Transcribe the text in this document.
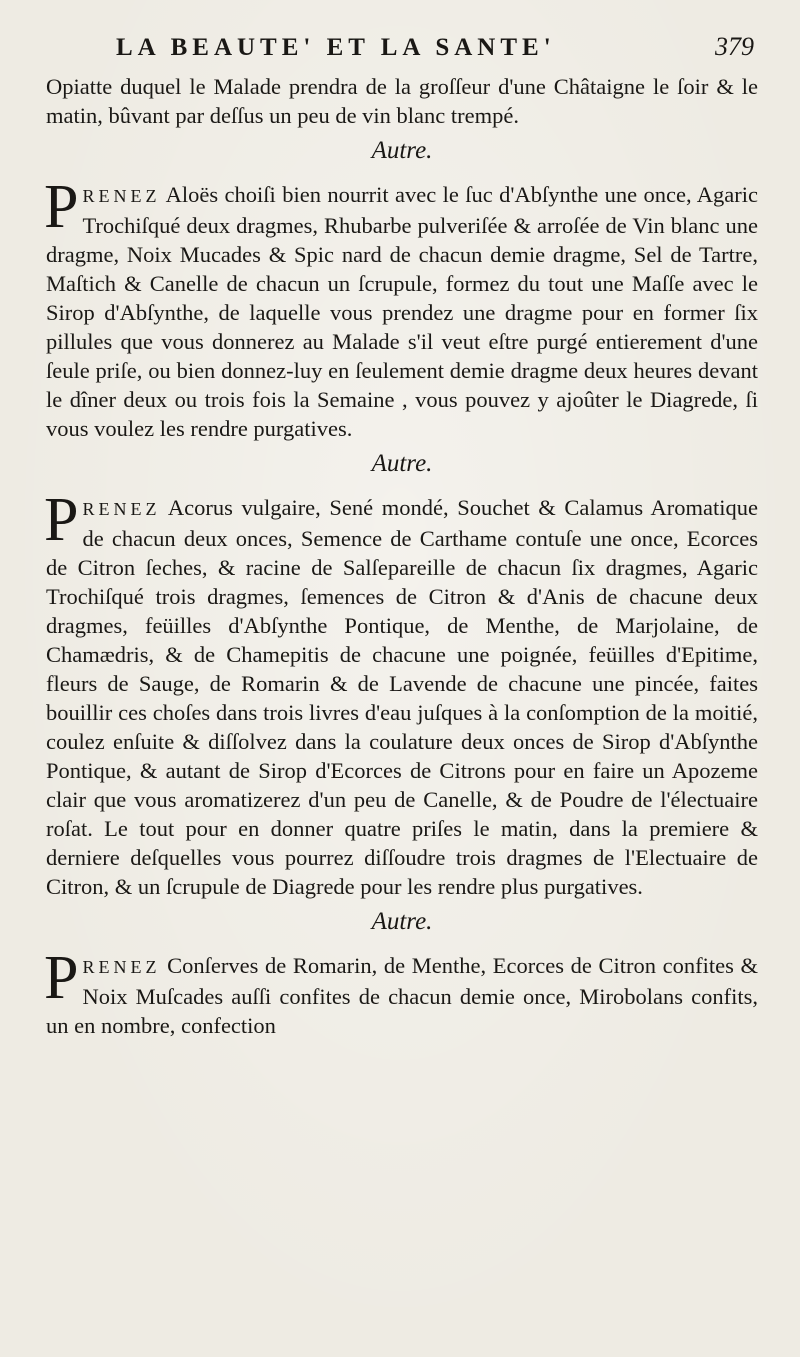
LA BEAUTE' ET LA SANTE'	379

Opiatte duquel le Malade prendra de la groſſeur d'une Châtaigne le ſoir & le matin, bûvant par deſſus un peu de vin blanc trempé.

Autre.

PRENEZ Aloës choiſi bien nourrit avec le ſuc d'Abſynthe une once, Agaric Trochiſqué deux dragmes, Rhubarbe pulveriſée & arroſée de Vin blanc une dragme, Noix Mucades & Spic nard de chacun demie dragme, Sel de Tartre, Maſtich & Canelle de chacun un ſcrupule, formez du tout une Maſſe avec le Sirop d'Abſynthe, de laquelle vous prendez une dragme pour en former ſix pillules que vous donnerez au Malade s'il veut eſtre purgé entierement d'une ſeule priſe, ou bien donnez-luy en ſeulement demie dragme deux heures devant le dîner deux ou trois fois la Semaine , vous pouvez y ajoûter le Diagrede, ſi vous voulez les rendre purgatives.

Autre.

PRENEZ Acorus vulgaire, Sené mondé, Souchet & Calamus Aromatique de chacun deux onces, Semence de Carthame contuſe une once, Ecorces de Citron ſeches, & racine de Salſepareille de chacun ſix dragmes, Agaric Trochiſqué trois dragmes, ſemences de Citron & d'Anis de chacune deux dragmes, feüilles d'Abſynthe Pontique, de Menthe, de Marjolaine, de Chamædris, & de Chamepitis de chacune une poignée, feüilles d'Epitime, fleurs de Sauge, de Romarin & de Lavende de chacune une pincée, faites bouillir ces choſes dans trois livres d'eau juſques à la conſomption de la moitié, coulez enſuite & diſſolvez dans la coulature deux onces de Sirop d'Abſynthe Pontique, & autant de Sirop d'Ecorces de Citrons pour en faire un Apozeme clair que vous aromatizerez d'un peu de Canelle, & de Poudre de l'électuaire roſat. Le tout pour en donner quatre priſes le matin, dans la premiere & derniere deſquelles vous pourrez diſſoudre trois dragmes de l'Electuaire de Citron, & un ſcrupule de Diagrede pour les rendre plus purgatives.

Autre.

PRENEZ Conſerves de Romarin, de Menthe, Ecorces de Citron confites & Noix Muſcades auſſi confites de chacun demie once, Mirobolans confits, un en nombre, confection
